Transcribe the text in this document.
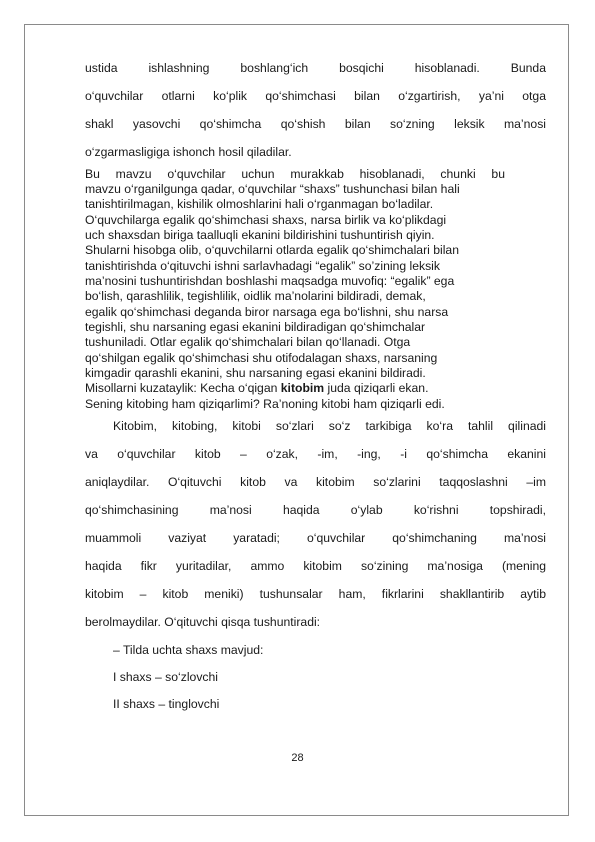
ustida ishlashning boshlang‘ich bosqichi hisoblanadi. Bunda
o‘quvchilar otlarni ko‘plik qo‘shimchasi bilan o‘zgartirish, ya’ni otga
shakl yasovchi qo‘shimcha qo‘shish bilan so‘zning leksik ma’nosi
o‘zgarmasligiga ishonch hosil qiladilar.
Bu mavzu o‘quvchilar uchun murakkab hisoblanadi, chunki bu
mavzu o‘rganilgunga qadar, o‘quvchilar “shaxs” tushunchasi bilan hali
tanishtirilmagan, kishilik olmoshlarini hali o‘rganmagan bo‘ladilar.
O‘quvchilarga egalik qo‘shimchasi shaxs, narsa birlik va ko‘plikdagi
uch shaxsdan biriga taalluqli ekanini bildirishini tushuntirish qiyin.
Shularni hisobga olib, o‘quvchilarni otlarda egalik qo‘shimchalari bilan
tanishtirishda o‘qituvchi ishni sarlavhadagi “egalik” so’zining leksik
ma’nosini tushuntirishdan boshlashi maqsadga muvofiq: “egalik” ega
bo‘lish, qarashlilik, tegishlilik, oidlik ma’nolarini bildiradi, demak,
egalik qo‘shimchasi deganda biror narsaga ega bo‘lishni, shu narsa
tegishli, shu narsaning egasi ekanini bildiradigan qo‘shimchalar
tushuniladi. Otlar egalik qo‘shimchalari bilan qo‘llanadi. Otga
qo‘shilgan egalik qo‘shimchasi shu otifodalagan shaxs, narsaning
kimgadir qarashli ekanini, shu narsaning egasi ekanini bildiradi.
Misollarni kuzataylik: Kecha o‘qigan kitobim juda qiziqarli ekan.
Sening kitobing ham qiziqarlimi? Ra’noning kitobi ham qiziqarli edi.
Kitobim, kitobing, kitobi so‘zlari so‘z tarkibiga ko‘ra tahlil qilinadi
va o‘quvchilar kitob – o‘zak, -im, -ing, -i qo‘shimcha ekanini
aniqlaydilar. O‘qituvchi kitob va kitobim so‘zlarini taqqoslashni –im
qo‘shimchasining ma’nosi haqida o‘ylab ko‘rishni topshiradi,
muammoli vaziyat yaratadi; o‘quvchilar qo‘shimchaning ma’nosi
haqida fikr yuritadilar, ammo kitobim so‘zining ma’nosiga (mening
kitobim – kitob meniki) tushunsalar ham, fikrlarini shakllantirib aytib
berolmaydilar. O‘qituvchi qisqa tushuntiradi:
– Tilda uchta shaxs mavjud:
I shaxs – so‘zlovchi
II shaxs – tinglovchi
28
